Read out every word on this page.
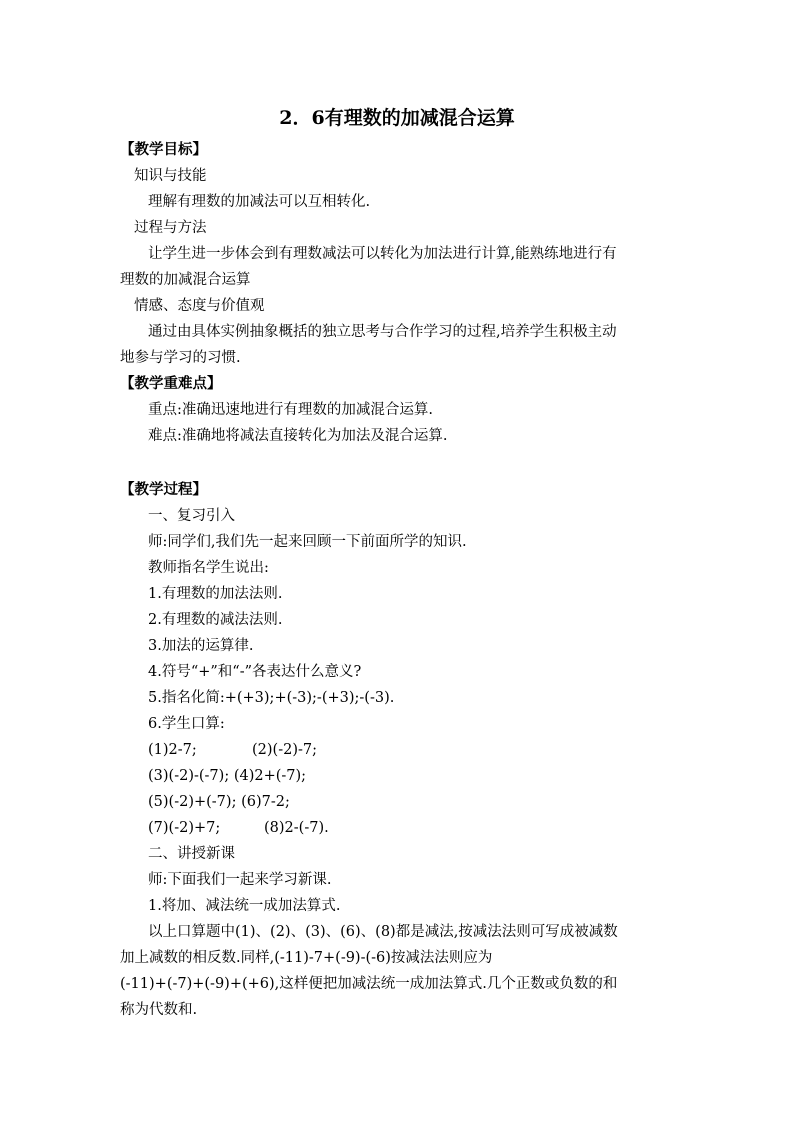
2．6有理数的加减混合运算
【教学目标】
知识与技能
理解有理数的加减法可以互相转化.
过程与方法
让学生进一步体会到有理数减法可以转化为加法进行计算,能熟练地进行有
理数的加减混合运算
情感、态度与价值观
通过由具体实例抽象概括的独立思考与合作学习的过程,培养学生积极主动
地参与学习的习惯.
【教学重难点】
重点:准确迅速地进行有理数的加减混合运算.
难点:准确地将减法直接转化为加法及混合运算.
【教学过程】
一、复习引入
师:同学们,我们先一起来回顾一下前面所学的知识.
教师指名学生说出:
1.有理数的加法法则.
2.有理数的减法法则.
3.加法的运算律.
4.符号“+”和“-”各表达什么意义?
5.指名化简:+(+3);+(-3);-(+3);-(-3).
6.学生口算:
(1)2-7;	(2)(-2)-7;
(3)(-2)-(-7); (4)2+(-7);
(5)(-2)+(-7); (6)7-2;
(7)(-2)+7;	(8)2-(-7).
二、讲授新课
师:下面我们一起来学习新课.
1.将加、减法统一成加法算式.
以上口算题中(1)、(2)、(3)、(6)、(8)都是减法,按减法法则可写成被减数
加上减数的相反数.同样,(-11)-7+(-9)-(-6)按减法法则应为
(-11)+(-7)+(-9)+(+6),这样便把加减法统一成加法算式.几个正数或负数的和
称为代数和.
